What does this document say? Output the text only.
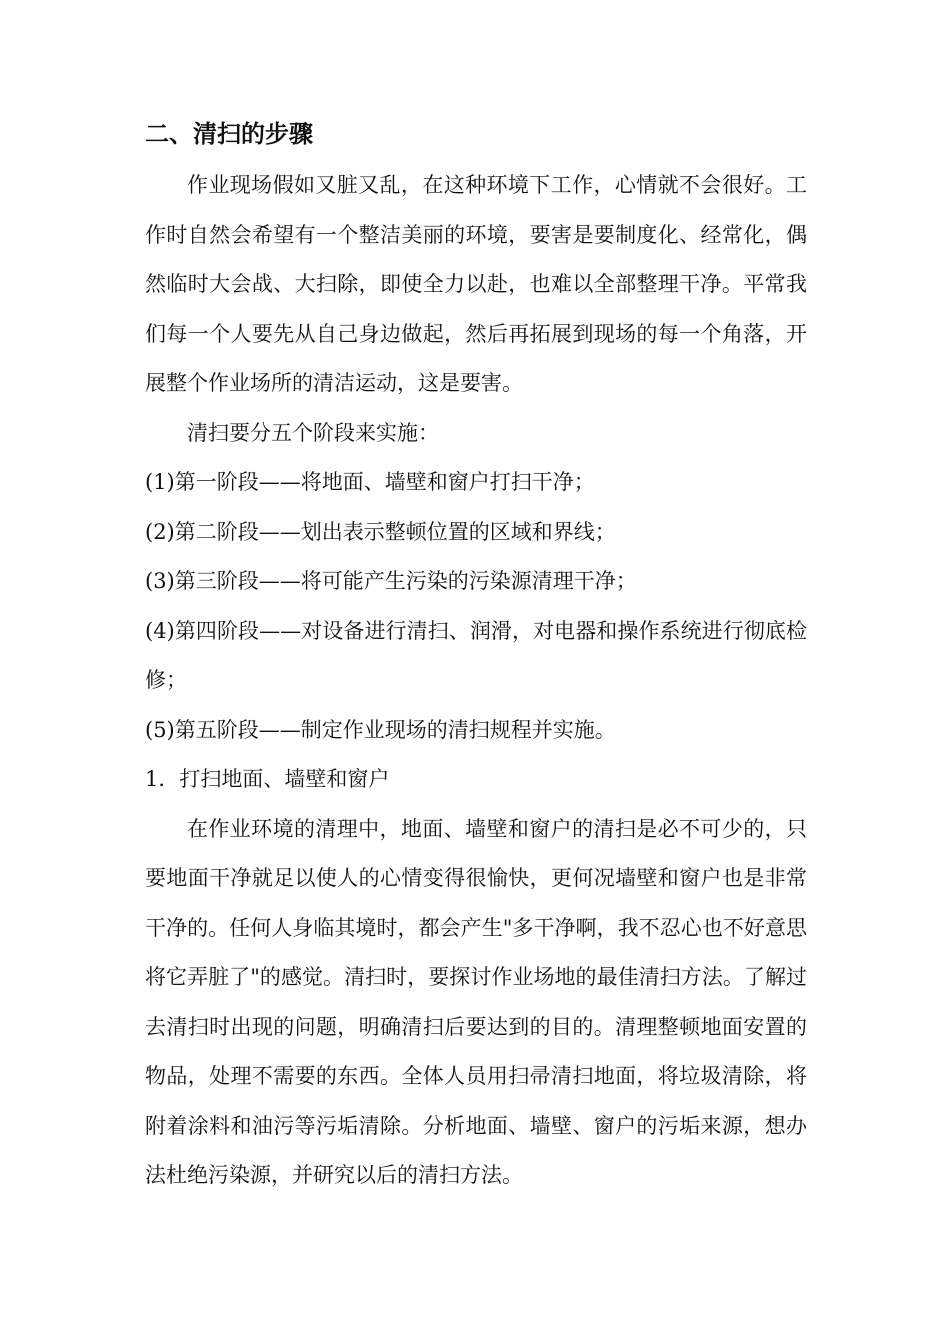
二、清扫的步骤

作业现场假如又脏又乱，在这种环境下工作，心情就不会很好。工作时自然会希望有一个整洁美丽的环境，要害是要制度化、经常化，偶然临时大会战、大扫除，即使全力以赴，也难以全部整理干净。平常我们每一个人要先从自己身边做起，然后再拓展到现场的每一个角落，开展整个作业场所的清洁运动，这是要害。

清扫要分五个阶段来实施：

(1)第一阶段——将地面、墙壁和窗户打扫干净；

(2)第二阶段——划出表示整顿位置的区域和界线；

(3)第三阶段——将可能产生污染的污染源清理干净；

(4)第四阶段——对设备进行清扫、润滑，对电器和操作系统进行彻底检修；

(5)第五阶段——制定作业现场的清扫规程并实施。

1．打扫地面、墙壁和窗户

在作业环境的清理中，地面、墙壁和窗户的清扫是必不可少的，只要地面干净就足以使人的心情变得很愉快，更何况墙壁和窗户也是非常干净的。任何人身临其境时，都会产生"多干净啊，我不忍心也不好意思将它弄脏了"的感觉。清扫时，要探讨作业场地的最佳清扫方法。了解过去清扫时出现的问题，明确清扫后要达到的目的。清理整顿地面安置的物品，处理不需要的东西。全体人员用扫帚清扫地面，将垃圾清除，将附着涂料和油污等污垢清除。分析地面、墙壁、窗户的污垢来源，想办法杜绝污染源，并研究以后的清扫方法。
